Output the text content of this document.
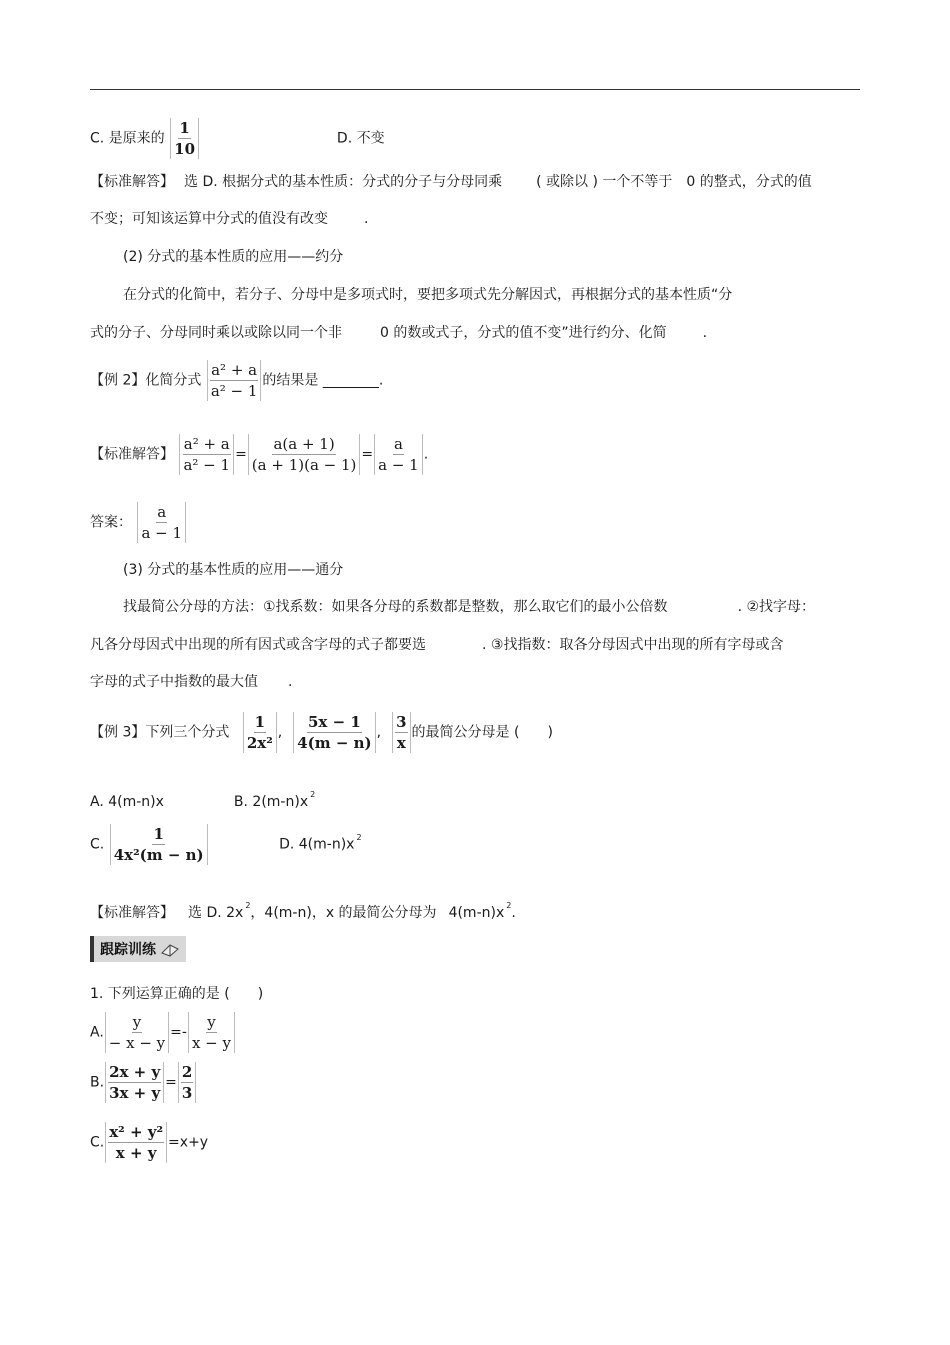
C. 是原来的 $\frac{1}{10}$	D. 不变
【标准解答】 选 D. 根据分式的基本性质：分式的分子与分母同乘 ( 或除以 ) 一个不等于 0 的整式，分式的值
不变；可知该运算中分式的值没有改变	.
(2) 分式的基本性质的应用——约分
在分式的化简中，若分子、分母中是多项式时，要把多项式先分解因式，再根据分式的基本性质“分
式的分子、分母同时乘以或除以同一个非	0 的数或式子，分式的值不变”进行约分、化简	.
【例 2】化简分式 $\frac{\text{a² + a}}{\text{a² − 1}}$ 的结果是 ________.
【标准解答】 $\frac{\text{a² + a}}{\text{a² − 1}} = \frac{a(a + 1)}{(a + 1)(a - 1)} = \frac{a}{a - 1}$ .
答案： $\frac{a}{a - 1}$
(3) 分式的基本性质的应用——通分
找最简公分母的方法：①找系数：如果各分母的系数都是整数，那么取它们的最小公倍数	. ②找字母：
凡各分母因式中出现的所有因式或含字母的式子都要选	. ③找指数：取各分母因式中出现的所有字母或含
字母的式子中指数的最大值 .
【例 3】下列三个分式 $\frac{1}{\text{2x²}}$ , $\frac{5x - 1}{4(m - n)}$ , $\frac{3}{x}$ 的最简公分母是 (　　)
A. 4(m-n)x	B. 2(m-n)x $^2$
C. $\frac{1}{\text{4x²(m − n)}}$	D. 4(m-n)x $^2$
【标准解答】 选 D. 2x $^2$，4(m-n)，x 的最简公分母为 4(m-n)x $^2$.
跟踪训练
1. 下列运算正确的是 (　　)
A. $\frac{y}{- x - y} =- \frac{y}{x - y}$
B. $\frac{2x + y}{3x + y} = \frac{2}{3}$
C. $\frac{\text{x² + y²}}{x + y} =x+y$
